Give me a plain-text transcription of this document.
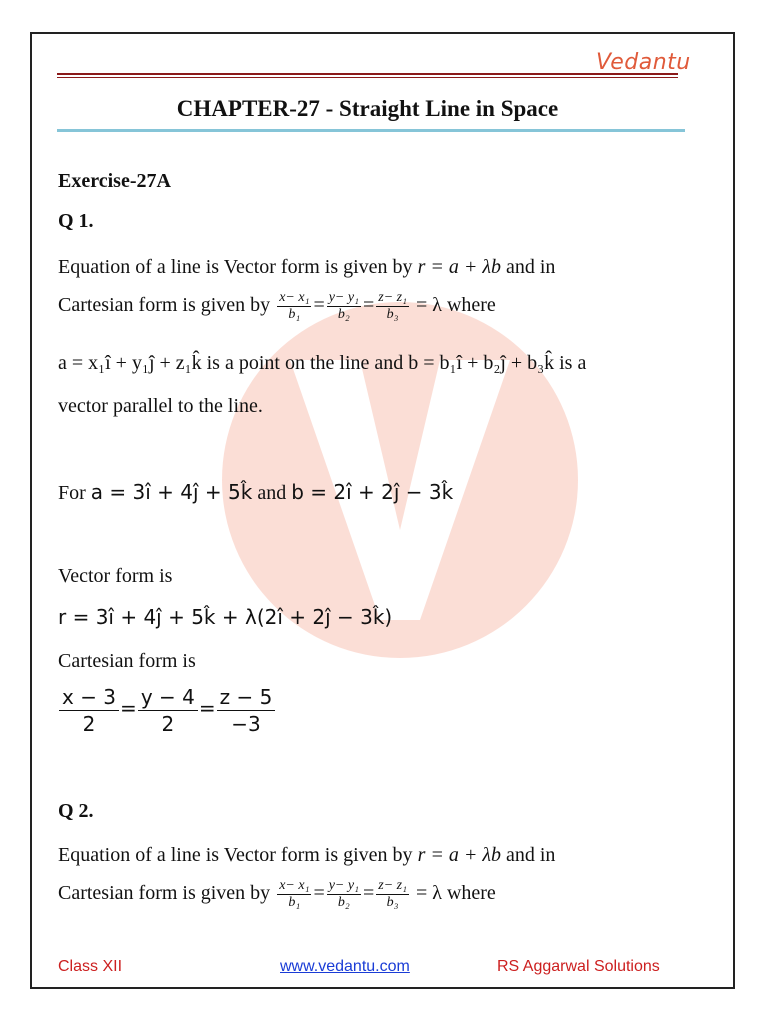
Vedantu
CHAPTER-27 - Straight Line in Space
Exercise-27A
Q 1.
Equation of a line is Vector form is given by r = a + λb and in
Cartesian form is given by $\frac{\text{x− x₁}}{\text{b₁}} = \frac{\text{y− y₁}}{\text{b₂}} = \frac{\text{z− z₁}}{\text{b₃}} = \lambda$ where
a = x₁î + y₁ĵ + z₁k̂ is a point on the line and b = b₁î + b₂ĵ + b₃k̂ is a
vector parallel to the line.
For a = 3î + 4ĵ + 5k̂ and b = 2î + 2ĵ − 3k̂
Vector form is
r = 3î + 4ĵ + 5k̂ + λ(2î + 2ĵ − 3k̂)
Cartesian form is
$\frac{x - 3}{2} = \frac{y - 4}{2} = \frac{z - 5}{-3}$
Q 2.
Equation of a line is Vector form is given by r = a + λb and in
Cartesian form is given by $\frac{\text{x− x₁}}{\text{b₁}} = \frac{\text{y− y₁}}{\text{b₂}} = \frac{\text{z− z₁}}{\text{b₃}} = \lambda$ where
Class XII	www.vedantu.com	RS Aggarwal Solutions
